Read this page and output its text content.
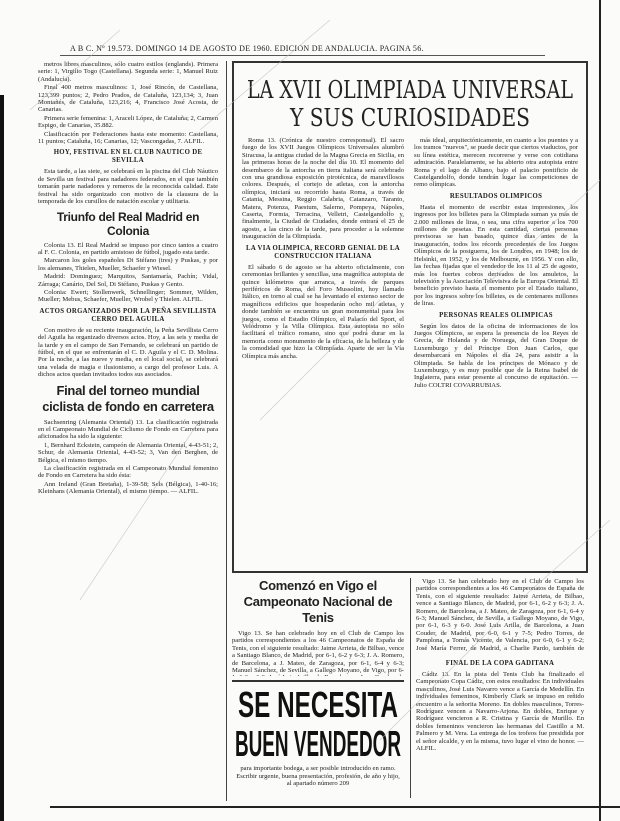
A B C. Nº 19.573. DOMINGO 14 DE AGOSTO DE 1960. EDICION DE ANDALUCIA. PAGINA 56.

metros libres masculinos, sólo cuatro estilos (englands). Primera serie: 1, Virgilio Togo (Castellana). Segunda serie: 1, Manuel Ruiz (Andalucía).

Final 400 metros masculinos: 1, José Rincón, de Castellana, 123,399 puntos; 2, Pedro Prados, de Cataluña, 123,134; 3, Juan Montañés, de Cataluña, 123,216; 4, Francisco José Acosta, de Canarias.

Primera serie femenina: 1, Araceli López, de Cataluña; 2, Carmen Espigo, de Canarias, 35.882.

Clasificación por Federaciones hasta este momento: Castellana, 11 puntos; Cataluña, 16; Canarias, 12; Vascongadas, 7. ALFIL.

HOY, FESTIVAL EN EL CLUB NAUTICO DE SEVILLA

Esta tarde, a las siete, se celebrará en la piscina del Club Náutico de Sevilla un festival para nadadores federados, en el que también tomarán parte nadadores y remeros de la reconocida calidad. Este festival ha sido organizado con motivo de la clausura de la temporada de los cursillos de natación escolar y utilitaria.

Triunfo del Real Madrid en Colonia

Colonia 13. El Real Madrid se impuso por cinco tantos a cuatro al F. C. Colonia, en partido amistoso de fútbol, jugado esta tarde.

Marcaron los goles españoles Di Stéfano (tres) y Puskas, y por los alemanes, Thielen, Mueller, Schaefer y Wiesel.

Madrid: Dominguez; Marquitos, Santamaría, Pachín; Vidal, Zárraga; Canário, Del Sol, Di Stéfano, Puskas y Gento.

Colonia: Ewert; Stollenwerk, Schnellinger; Sommer, Wilden, Mueller; Mebus, Schaefer, Mueller, Wrobel y Thielen. ALFIL.

ACTOS ORGANIZADOS POR LA PEÑA SEVILLISTA CERRO DEL AGUILA

Con motivo de su reciente inauguración, la Peña Sevillista Cerro del Aguila ha organizado diversos actos. Hoy, a las seis y media de la tarde y en el campo de San Fernando, se celebrará un partido de fútbol, en el que se enfrentarán el C. D. Aguila y el C. D. Molina. Por la noche, a las nueve y media, en el local social, se celebrará una velada de magia e ilusionismo, a cargo del profesor Luis. A dichos actos quedan invitados todos sus asociados.

Final del torneo mundial ciclista de fondo en carretera

Sachsenring (Alemania Oriental) 13. La clasificación registrada en el Campeonato Mundial de Ciclismo de Fondo en Carretera para aficionados ha sido la siguiente:

1, Bernhard Eckstein, campeón de Alemania Oriental, 4-43-51; 2, Schur, de Alemania Oriental, 4-43-52; 3, Van den Berghen, de Bélgica, el mismo tiempo.

La clasificación registrada en el Campeonato Mundial femenino de Fondo en Carretera ha sido ésta:

Ann Ireland (Gran Bretaña), 1-39-58; Sels (Bélgica), 1-40-16; Kleinhans (Alemania Oriental), el mismo tiempo. — ALFIL.

LA XVII OLIMPIADA UNIVERSAL
Y SUS CURIOSIDADES

Roma 13. (Crónica de nuestro corresponsal). El sacro fuego de los XVII Juegos Olímpicos Universales alumbró Siracusa, la antigua ciudad de la Magna Grecia en Sicilia, en las primeras horas de la noche del día 10. El momento del desembarco de la antorcha en tierra italiana será celebrado con una grandiosa exposición pirotécnica, de maravillosos colores. Después, el cortejo de atletas, con la antorcha olímpica, iniciará su recorrido hasta Roma, a través de Catania, Messina, Reggio Calabria, Catanzaro, Taranto, Matera, Potenza, Paestum, Salerno, Pompeya, Nápoles, Caserta, Formia, Terracina, Velletri, Castelgandolfo y, finalmente, la Ciudad de Ciudades, donde entrará el 25 de agosto, a las cinco de la tarde, para proceder a la solemne inauguración de la Olimpíada.

LA VIA OLIMPICA, RECORD GENIAL DE LA CONSTRUCCION ITALIANA

El sábado 6 de agosto se ha abierto oficialmente, con ceremonias brillantes y sencillas, una magnífica autopista de quince kilómetros que arranca, a través de parques periféricos de Roma, del Foro Mussolini, hoy llamado Itálico, en torno al cual se ha levantado el extenso sector de magníficos edificios que hospedarán ocho mil atletas, y donde también se encuentra un gran monumental para los juegos, como el Estadio Olímpico, el Palacio del Sport, el Velódromo y la Villa Olímpica. Esta autopista no sólo facilitará el tráfico romano, sino que podrá durar en la memoria como monumento de la eficacia, de la belleza y de la comodidad que hizo la Olimpíada. Aparte de ser la Vía Olímpica más ancha.

más ideal, arquitectónicamente, en cuanto a los puentes y a los tramos "nuevos", se puede decir que ciertos viaductos, por su línea estética, merecen recorrerse y verse con cotidiana admiración. Paralelamente, se ha abierto otra autopista entre Roma y el lago de Albano, bajo el palacio pontificio de Castelgandolfo, donde tendrán lugar las competiciones de remo olímpicas.

RESULTADOS OLIMPICOS

Hasta el momento de escribir estas impresiones, los ingresos por los billetes para la Olimpiada suman ya más de 2.000 millones de liras, o sea, una cifra superior a los 700 millones de pesetas. En esta cantidad, ciertas personas previsoras se han basado, quince días antes de la inauguración, todos los récords precedentes de los Juegos Olímpicos de la postguerra, los de Londres, en 1948; los de Helsinki, en 1952, y los de Melbourne, en 1956. Y con ello, las fechas fijadas que el vendedor de los 11 al 25 de agosto, más los fuertes cobros derivados de los amuletos, la televisión y la Asociación Televisiva de la Europa Oriental. El beneficio previsto hasta el momento por el Estado italiano, por los ingresos sobre los billetes, es de centenares millones de liras.

PERSONAS REALES OLIMPICAS

Según los datos de la oficina de informaciones de los Juegos Olímpicos, se espera la presencia de los Reyes de Grecia, de Holanda y de Noruega, del Gran Duque de Luxemburgo y del Príncipe Don Juan Carlos, que desembarcará en Nápoles el día 24, para asistir a la Olimpiada. Se habla de los príncipes de Mónaco y de Luxemburgo, y es muy posible que de la Reina Isabel de Inglaterra, para estar presente al concurso de equitación. — Julio COLTRI COVARRUBIAS.

Comenzó en Vigo el Campeonato Nacional de Tenis

Vigo 13. Se han celebrado hoy en el Club de Campo los partidos correspondientes a los 46 Campeonatos de España de Tenis, con el siguiente resultado: Jaime Arrieta, de Bilbao, vence a Santiago Blanco, de Madrid, por 6-1, 6-2 y 6-3; J. A. Romero, de Barcelona, a J. Mateo, de Zaragoza, por 6-1, 6-4 y 6-3; Manuel Sánchez, de Sevilla, a Gallego Moyano, de Vigo, por 6-

SE NECESITA
BUEN VENDEDOR
para importante bodega, a ser posible introducido en ramo. Escribir urgente, buena presentación, profesión, de año y hijo, al apartado número 209

Vigo 13. Se han celebrado hoy en el Club de Campo los partidos correspondientes a los 46 Campeonatos de España de Tenis, con el siguiente resultado: Jaime Arrieta, de Bilbao, vence a Santiago Blanco, de Madrid, por 6-1, 6-2 y 6-3; J. A. Romero, de Barcelona, a J. Mateo, de Zaragoza, por 6-1, 6-4 y 6-3; Manuel Sánchez, de Sevilla, a Gallego Moyano, de Vigo, por 6-1, 6-3 y 6-0. José Luis Arilla, de Barcelona, a Juan Couder, de Madrid, por 6-0, 6-1 y 7-5; Pedro Torres, de Pamplona, a Tomás Vicente, de Valencia, por 6-0, 6-1 y 6-2; José María Ferrer, de Madrid, a Charlie Pardo, también de

FINAL DE LA COPA GADITANA

Cádiz 13. En la pista del Tenis Club ha finalizado el Campeonato Copa Cádiz, con estos resultados: En individuales masculinos, José Luis Navarro vence a García de Medellín. En individuales femeninos, Kimberly Clark se impuso en reñido encuentro a la señorita Moreno. En dobles masculinos, Torres-Rodríguez vencen a Navarro-Arjona. En dobles, Enrique y Rodríguez vencieron a R. Cristina y García de Murillo. En dobles femeninos vencieron las hermanas del Castillo a M. Palmero y M. Vera. La entrega de los trofeos fue presidida por el señor alcalde, y en la misma, tuvo lugar el vino de honor. — ALFIL.
